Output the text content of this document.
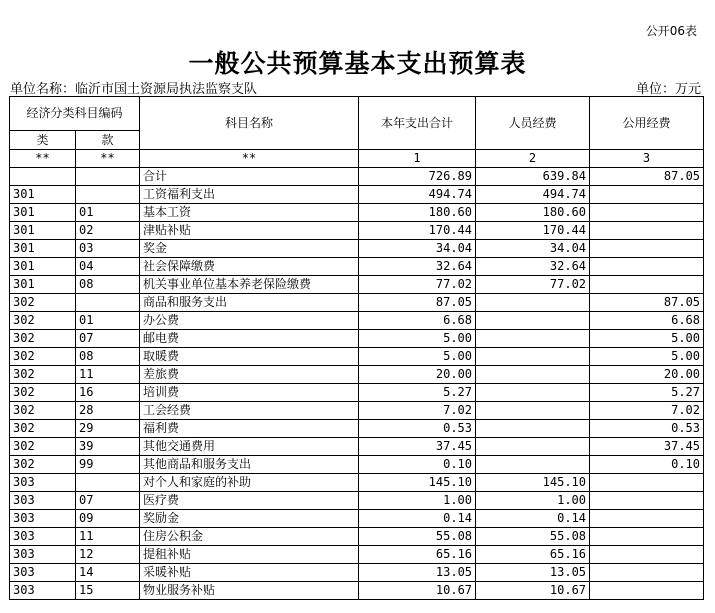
公开06表
一般公共预算基本支出预算表
单位名称：临沂市国土资源局执法监察支队	单位：万元
经济分类科目编码		科目名称	本年支出合计	人员经费	公用经费
类	款				
**	**	**	1	2	3
		合计	726.89	639.84	87.05
301		工资福利支出	494.74	494.74	
301	01	基本工资	180.60	180.60	
301	02	津贴补贴	170.44	170.44	
301	03	奖金	34.04	34.04	
301	04	社会保障缴费	32.64	32.64	
301	08	机关事业单位基本养老保险缴费	77.02	77.02	
302		商品和服务支出	87.05		87.05
302	01	办公费	6.68		6.68
302	07	邮电费	5.00		5.00
302	08	取暖费	5.00		5.00
302	11	差旅费	20.00		20.00
302	16	培训费	5.27		5.27
302	28	工会经费	7.02		7.02
302	29	福利费	0.53		0.53
302	39	其他交通费用	37.45		37.45
302	99	其他商品和服务支出	0.10		0.10
303		对个人和家庭的补助	145.10	145.10	
303	07	医疗费	1.00	1.00	
303	09	奖励金	0.14	0.14	
303	11	住房公积金	55.08	55.08	
303	12	提租补贴	65.16	65.16	
303	14	采暖补贴	13.05	13.05	
303	15	物业服务补贴	10.67	10.67	
